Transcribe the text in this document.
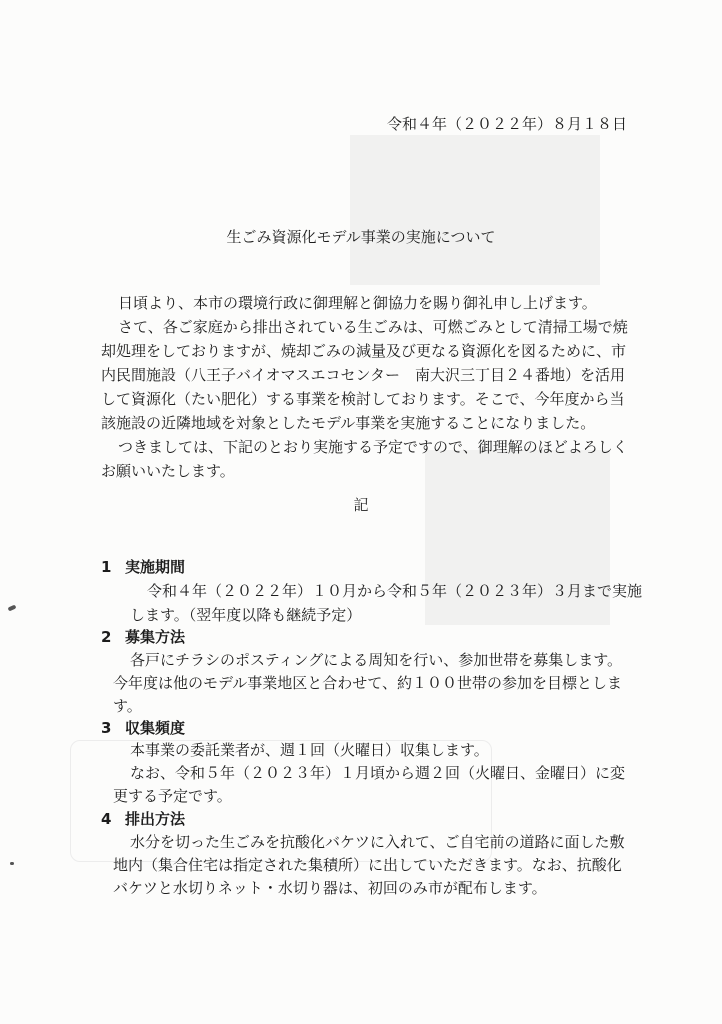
令和４年（２０２２年）８月１８日
生ごみ資源化モデル事業の実施について
日頃より、本市の環境行政に御理解と御協力を賜り御礼申し上げます。
さて、各ご家庭から排出されている生ごみは、可燃ごみとして清掃工場で焼
却処理をしておりますが、焼却ごみの減量及び更なる資源化を図るために、市
内民間施設（八王子バイオマスエコセンター　南大沢三丁目２４番地）を活用
して資源化（たい肥化）する事業を検討しております。そこで、今年度から当
該施設の近隣地域を対象としたモデル事業を実施することになりました。
つきましては、下記のとおり実施する予定ですので、御理解のほどよろしく
お願いいたします。
記
1 実施期間
令和４年（２０２２年）１０月から令和５年（２０２３年）３月まで実施
します。（翌年度以降も継続予定）
2 募集方法
各戸にチラシのポスティングによる周知を行い、参加世帯を募集します。
今年度は他のモデル事業地区と合わせて、約１００世帯の参加を目標としま
す。
3 収集頻度
本事業の委託業者が、週１回（火曜日）収集します。
なお、令和５年（２０２３年）１月頃から週２回（火曜日、金曜日）に変
更する予定です。
4 排出方法
水分を切った生ごみを抗酸化バケツに入れて、ご自宅前の道路に面した敷
地内（集合住宅は指定された集積所）に出していただきます。なお、抗酸化
バケツと水切りネット・水切り器は、初回のみ市が配布します。
